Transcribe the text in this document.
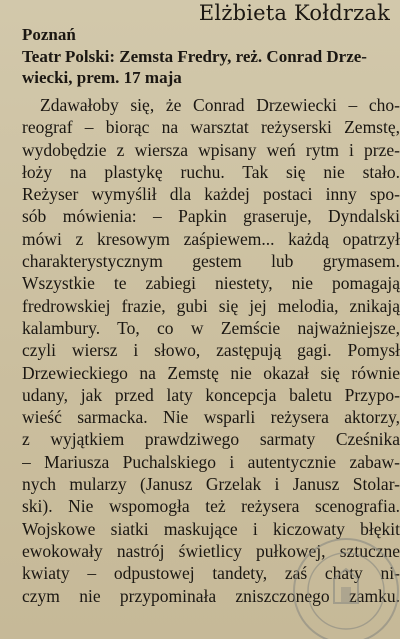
Elżbieta Kołdrzak
Poznań
Teatr Polski: Zemsta Fredry, reż. Conrad Drze-
wiecki, prem. 17 maja
Zdawałoby się, że Conrad Drzewiecki – cho-
reograf – biorąc na warsztat reżyserski Zemstę,
wydobędzie z wiersza wpisany weń rytm i prze-
łoży na plastykę ruchu. Tak się nie stało.
Reżyser wymyślił dla każdej postaci inny spo-
sób mówienia: – Papkin graseruje, Dyndalski
mówi z kresowym zaśpiewem... każdą opatrzył
charakterystycznym gestem lub grymasem.
Wszystkie te zabiegi niestety, nie pomagają
fredrowskiej frazie, gubi się jej melodia, znikają
kalambury. To, co w Zemście najważniejsze,
czyli wiersz i słowo, zastępują gagi. Pomysł
Drzewieckiego na Zemstę nie okazał się równie
udany, jak przed laty koncepcja baletu Przypo-
wieść sarmacka. Nie wsparli reżysera aktorzy,
z wyjątkiem prawdziwego sarmaty Cześnika
– Mariusza Puchalskiego i autentycznie zabaw-
nych mularzy (Janusz Grzelak i Janusz Stolar-
ski). Nie wspomogła też reżysera scenografia.
Wojskowe siatki maskujące i kiczowaty błękit
ewokowały nastrój świetlicy pułkowej, sztuczne
kwiaty – odpustowej tandety, zaś chaty ni-
czym nie przypominała zniszczonego zamku.
